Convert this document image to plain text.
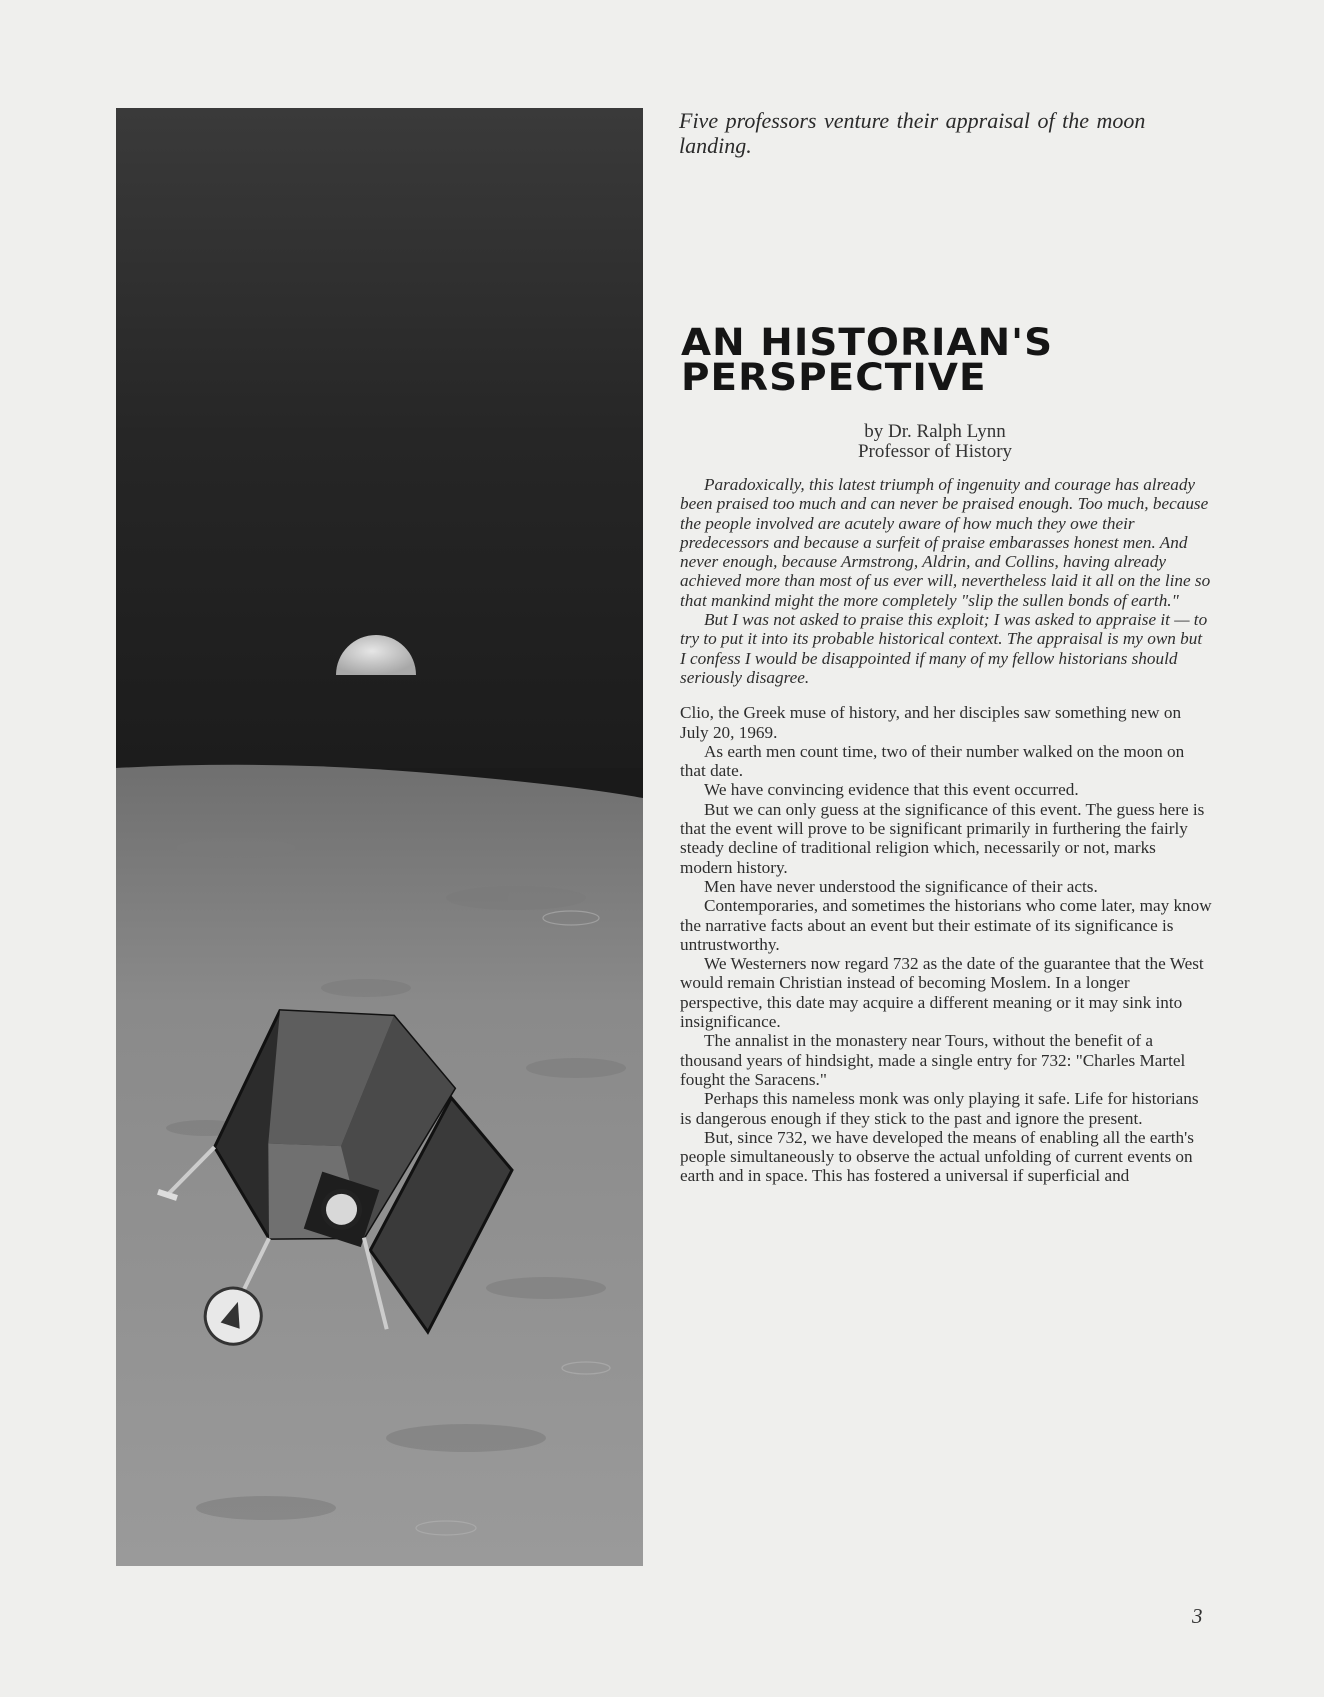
Five professors venture their appraisal of the moon landing.

AN HISTORIAN'S
PERSPECTIVE
by Dr. Ralph Lynn
Professor of History

Paradoxically, this latest triumph of ingenuity and courage has already been praised too much and can never be praised enough. Too much, because the people involved are acutely aware of how much they owe their predecessors and because a surfeit of praise embarasses honest men. And never enough, because Armstrong, Aldrin, and Collins, having already achieved more than most of us ever will, nevertheless laid it all on the line so that mankind might the more completely "slip the sullen bonds of earth."

But I was not asked to praise this exploit; I was asked to appraise it — to try to put it into its probable historical context. The appraisal is my own but I confess I would be disappointed if many of my fellow historians should seriously disagree.

Clio, the Greek muse of history, and her disciples saw something new on July 20, 1969.

As earth men count time, two of their number walked on the moon on that date.

We have convincing evidence that this event occurred.

But we can only guess at the significance of this event. The guess here is that the event will prove to be significant primarily in furthering the fairly steady decline of traditional religion which, necessarily or not, marks modern history.

Men have never understood the significance of their acts.

Contemporaries, and sometimes the historians who come later, may know the narrative facts about an event but their estimate of its significance is untrustworthy.

We Westerners now regard 732 as the date of the guarantee that the West would remain Christian instead of becoming Moslem. In a longer perspective, this date may acquire a different meaning or it may sink into insignificance.

The annalist in the monastery near Tours, without the benefit of a thousand years of hindsight, made a single entry for 732: "Charles Martel fought the Saracens."

Perhaps this nameless monk was only playing it safe. Life for historians is dangerous enough if they stick to the past and ignore the present.

But, since 732, we have developed the means of enabling all the earth's people simultaneously to observe the actual unfolding of current events on earth and in space. This has fostered a universal if superficial and

3
